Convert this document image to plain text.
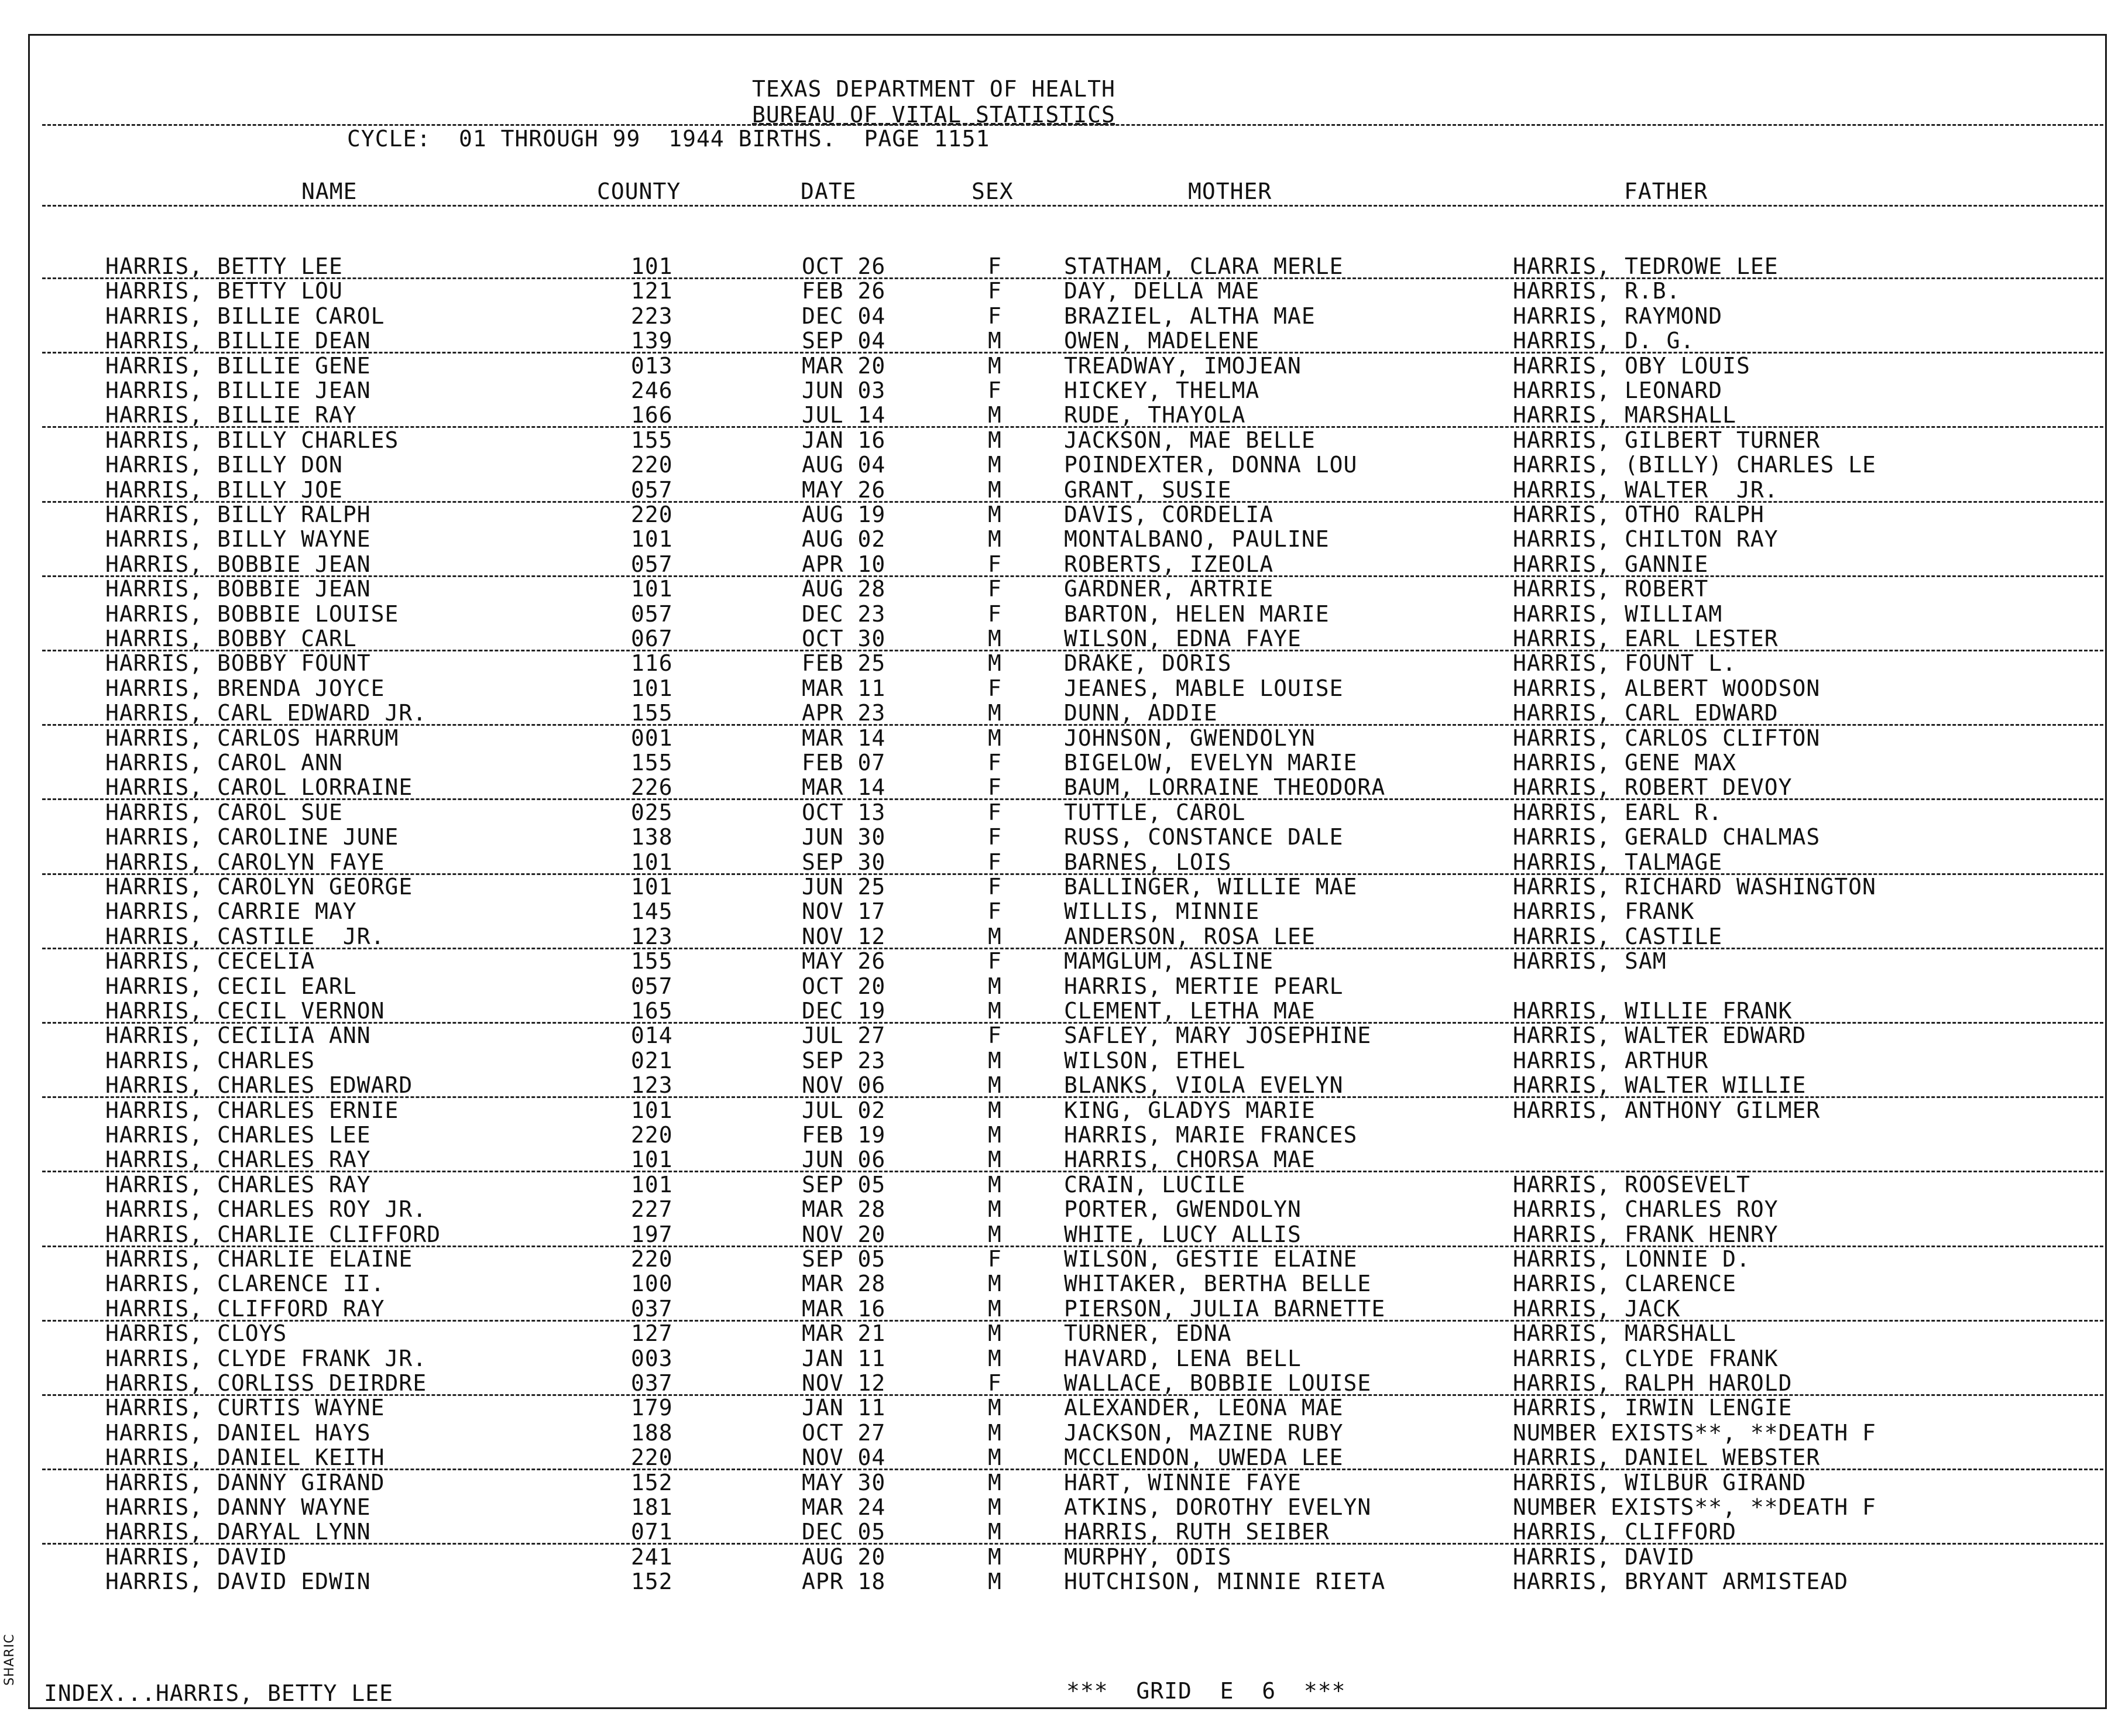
TEXAS DEPARTMENT OF HEALTH
BUREAU OF VITAL STATISTICS
CYCLE:  01 THROUGH 99  1944 BIRTHS.  PAGE 1151
NAME	COUNTY	DATE	SEX	MOTHER	FATHER
HARRIS, BETTY LEE	101	OCT 26	F	STATHAM, CLARA MERLE	HARRIS, TEDROWE LEE
HARRIS, BETTY LOU	121	FEB 26	F	DAY, DELLA MAE	HARRIS, R.B.
HARRIS, BILLIE CAROL	223	DEC 04	F	BRAZIEL, ALTHA MAE	HARRIS, RAYMOND
HARRIS, BILLIE DEAN	139	SEP 04	M	OWEN, MADELENE	HARRIS, D. G.
HARRIS, BILLIE GENE	013	MAR 20	M	TREADWAY, IMOJEAN	HARRIS, OBY LOUIS
HARRIS, BILLIE JEAN	246	JUN 03	F	HICKEY, THELMA	HARRIS, LEONARD
HARRIS, BILLIE RAY	166	JUL 14	M	RUDE, THAYOLA	HARRIS, MARSHALL
HARRIS, BILLY CHARLES	155	JAN 16	M	JACKSON, MAE BELLE	HARRIS, GILBERT TURNER
HARRIS, BILLY DON	220	AUG 04	M	POINDEXTER, DONNA LOU	HARRIS, (BILLY) CHARLES LE
HARRIS, BILLY JOE	057	MAY 26	M	GRANT, SUSIE	HARRIS, WALTER  JR.
HARRIS, BILLY RALPH	220	AUG 19	M	DAVIS, CORDELIA	HARRIS, OTHO RALPH
HARRIS, BILLY WAYNE	101	AUG 02	M	MONTALBANO, PAULINE	HARRIS, CHILTON RAY
HARRIS, BOBBIE JEAN	057	APR 10	F	ROBERTS, IZEOLA	HARRIS, GANNIE
HARRIS, BOBBIE JEAN	101	AUG 28	F	GARDNER, ARTRIE	HARRIS, ROBERT
HARRIS, BOBBIE LOUISE	057	DEC 23	F	BARTON, HELEN MARIE	HARRIS, WILLIAM
HARRIS, BOBBY CARL	067	OCT 30	M	WILSON, EDNA FAYE	HARRIS, EARL LESTER
HARRIS, BOBBY FOUNT	116	FEB 25	M	DRAKE, DORIS	HARRIS, FOUNT L.
HARRIS, BRENDA JOYCE	101	MAR 11	F	JEANES, MABLE LOUISE	HARRIS, ALBERT WOODSON
HARRIS, CARL EDWARD JR.	155	APR 23	M	DUNN, ADDIE	HARRIS, CARL EDWARD
HARRIS, CARLOS HARRUM	001	MAR 14	M	JOHNSON, GWENDOLYN	HARRIS, CARLOS CLIFTON
HARRIS, CAROL ANN	155	FEB 07	F	BIGELOW, EVELYN MARIE	HARRIS, GENE MAX
HARRIS, CAROL LORRAINE	226	MAR 14	F	BAUM, LORRAINE THEODORA	HARRIS, ROBERT DEVOY
HARRIS, CAROL SUE	025	OCT 13	F	TUTTLE, CAROL	HARRIS, EARL R.
HARRIS, CAROLINE JUNE	138	JUN 30	F	RUSS, CONSTANCE DALE	HARRIS, GERALD CHALMAS
HARRIS, CAROLYN FAYE	101	SEP 30	F	BARNES, LOIS	HARRIS, TALMAGE
HARRIS, CAROLYN GEORGE	101	JUN 25	F	BALLINGER, WILLIE MAE	HARRIS, RICHARD WASHINGTON
HARRIS, CARRIE MAY	145	NOV 17	F	WILLIS, MINNIE	HARRIS, FRANK
HARRIS, CASTILE  JR.	123	NOV 12	M	ANDERSON, ROSA LEE	HARRIS, CASTILE
HARRIS, CECELIA	155	MAY 26	F	MAMGLUM, ASLINE	HARRIS, SAM
HARRIS, CECIL EARL	057	OCT 20	M	HARRIS, MERTIE PEARL
HARRIS, CECIL VERNON	165	DEC 19	M	CLEMENT, LETHA MAE	HARRIS, WILLIE FRANK
HARRIS, CECILIA ANN	014	JUL 27	F	SAFLEY, MARY JOSEPHINE	HARRIS, WALTER EDWARD
HARRIS, CHARLES	021	SEP 23	M	WILSON, ETHEL	HARRIS, ARTHUR
HARRIS, CHARLES EDWARD	123	NOV 06	M	BLANKS, VIOLA EVELYN	HARRIS, WALTER WILLIE
HARRIS, CHARLES ERNIE	101	JUL 02	M	KING, GLADYS MARIE	HARRIS, ANTHONY GILMER
HARRIS, CHARLES LEE	220	FEB 19	M	HARRIS, MARIE FRANCES
HARRIS, CHARLES RAY	101	JUN 06	M	HARRIS, CHORSA MAE
HARRIS, CHARLES RAY	101	SEP 05	M	CRAIN, LUCILE	HARRIS, ROOSEVELT
HARRIS, CHARLES ROY JR.	227	MAR 28	M	PORTER, GWENDOLYN	HARRIS, CHARLES ROY
HARRIS, CHARLIE CLIFFORD	197	NOV 20	M	WHITE, LUCY ALLIS	HARRIS, FRANK HENRY
HARRIS, CHARLIE ELAINE	220	SEP 05	F	WILSON, GESTIE ELAINE	HARRIS, LONNIE D.
HARRIS, CLARENCE II.	100	MAR 28	M	WHITAKER, BERTHA BELLE	HARRIS, CLARENCE
HARRIS, CLIFFORD RAY	037	MAR 16	M	PIERSON, JULIA BARNETTE	HARRIS, JACK
HARRIS, CLOYS	127	MAR 21	M	TURNER, EDNA	HARRIS, MARSHALL
HARRIS, CLYDE FRANK JR.	003	JAN 11	M	HAVARD, LENA BELL	HARRIS, CLYDE FRANK
HARRIS, CORLISS DEIRDRE	037	NOV 12	F	WALLACE, BOBBIE LOUISE	HARRIS, RALPH HAROLD
HARRIS, CURTIS WAYNE	179	JAN 11	M	ALEXANDER, LEONA MAE	HARRIS, IRWIN LENGIE
HARRIS, DANIEL HAYS	188	OCT 27	M	JACKSON, MAZINE RUBY	NUMBER EXISTS**, **DEATH F
HARRIS, DANIEL KEITH	220	NOV 04	M	MCCLENDON, UWEDA LEE	HARRIS, DANIEL WEBSTER
HARRIS, DANNY GIRAND	152	MAY 30	M	HART, WINNIE FAYE	HARRIS, WILBUR GIRAND
HARRIS, DANNY WAYNE	181	MAR 24	M	ATKINS, DOROTHY EVELYN	NUMBER EXISTS**, **DEATH F
HARRIS, DARYAL LYNN	071	DEC 05	M	HARRIS, RUTH SEIBER	HARRIS, CLIFFORD
HARRIS, DAVID	241	AUG 20	M	MURPHY, ODIS	HARRIS, DAVID
HARRIS, DAVID EDWIN	152	APR 18	M	HUTCHISON, MINNIE RIETA	HARRIS, BRYANT ARMISTEAD
SHARIC
INDEX...HARRIS, BETTY LEE	***  GRID  E  6  ***
